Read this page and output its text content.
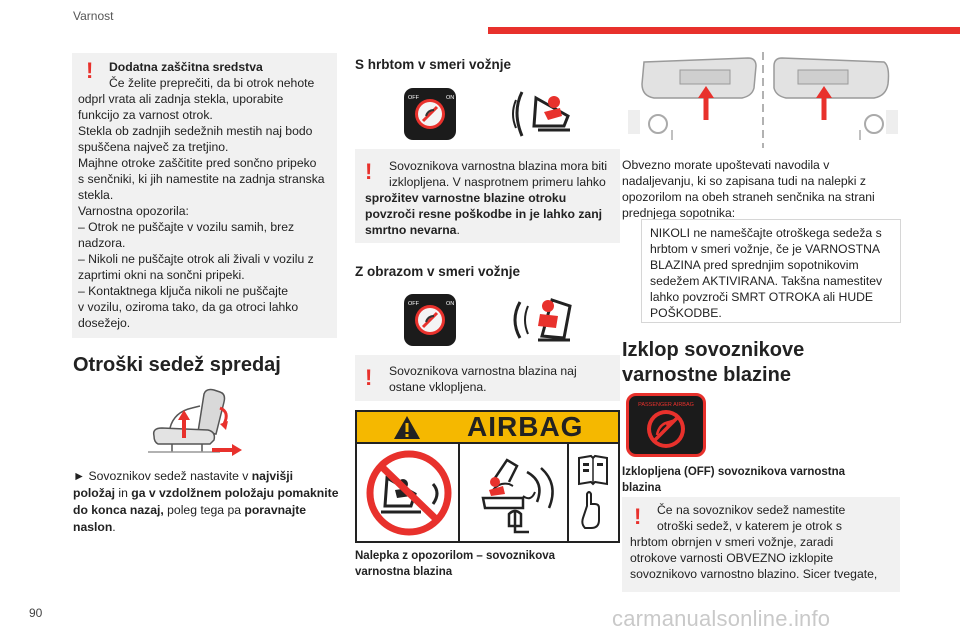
Varnost
! Dodatna zaščitna sredstva

Če želite preprečiti, da bi otrok nehote

odprl vrata ali zadnja stekla, uporabite

funkcijo za varnost otrok.

Stekla ob zadnjih sedežnih mestih naj bodo

spuščena največ za tretjino.

Majhne otroke zaščitite pred sončno pripeko

s senčniki, ki jih namestite na zadnja stranska

stekla.

Varnostna opozorila:

– Otrok ne puščajte v vozilu samih, brez

nadzora.

– Nikoli ne puščajte otrok ali živali v vozilu z

zaprtimi okni na sončni pripeki.

– Kontaktnega ključa nikoli ne puščajte

v vozilu, oziroma tako, da ga otroci lahko

dosežejo.

Otroški sedež spredaj

► Sovoznikov sedež nastavite v najvišji

položaj in ga v vzdolžnem položaju pomaknite

do konca nazaj, poleg tega pa poravnajte

naslon.

S hrbtom v smeri vožnje
OFF	ON
! Sovoznikova varnostna blazina mora biti

izklopljena. V nasprotnem primeru lahko

sprožitev varnostne blazine otroku

povzroči resne poškodbe in je lahko zanj

smrtno nevarna.

Z obrazom v smeri vožnje
OFF	ON
! Sovoznikova varnostna blazina naj

ostane vklopljena.

AIRBAG

Nalepka z opozorilom – sovoznikova

varnostna blazina

Obvezno morate upoštevati navodila v

nadaljevanju, ki so zapisana tudi na nalepki z

opozorilom na obeh straneh senčnika na strani

prednjega sopotnika:

NIKOLI ne nameščajte otroškega sedeža s

hrbtom v smeri vožnje, če je VARNOSTNA

BLAZINA pred sprednjim sopotnikovim

sedežem AKTIVIRANA. Takšna namestitev

lahko povzroči SMRT OTROKA ali HUDE

POŠKODBE.

Izklop sovoznikove

varnostne blazine

PASSENGER AIRBAG

Izklopljena (OFF) sovoznikova varnostna

blazina

! Če na sovoznikov sedež namestite

otroški sedež, v katerem je otrok s

hrbtom obrnjen v smeri vožnje, zaradi

otrokove varnosti OBVEZNO izklopite

sovoznikovo varnostno blazino. Sicer tvegate,

90	carmanualsonline.info
